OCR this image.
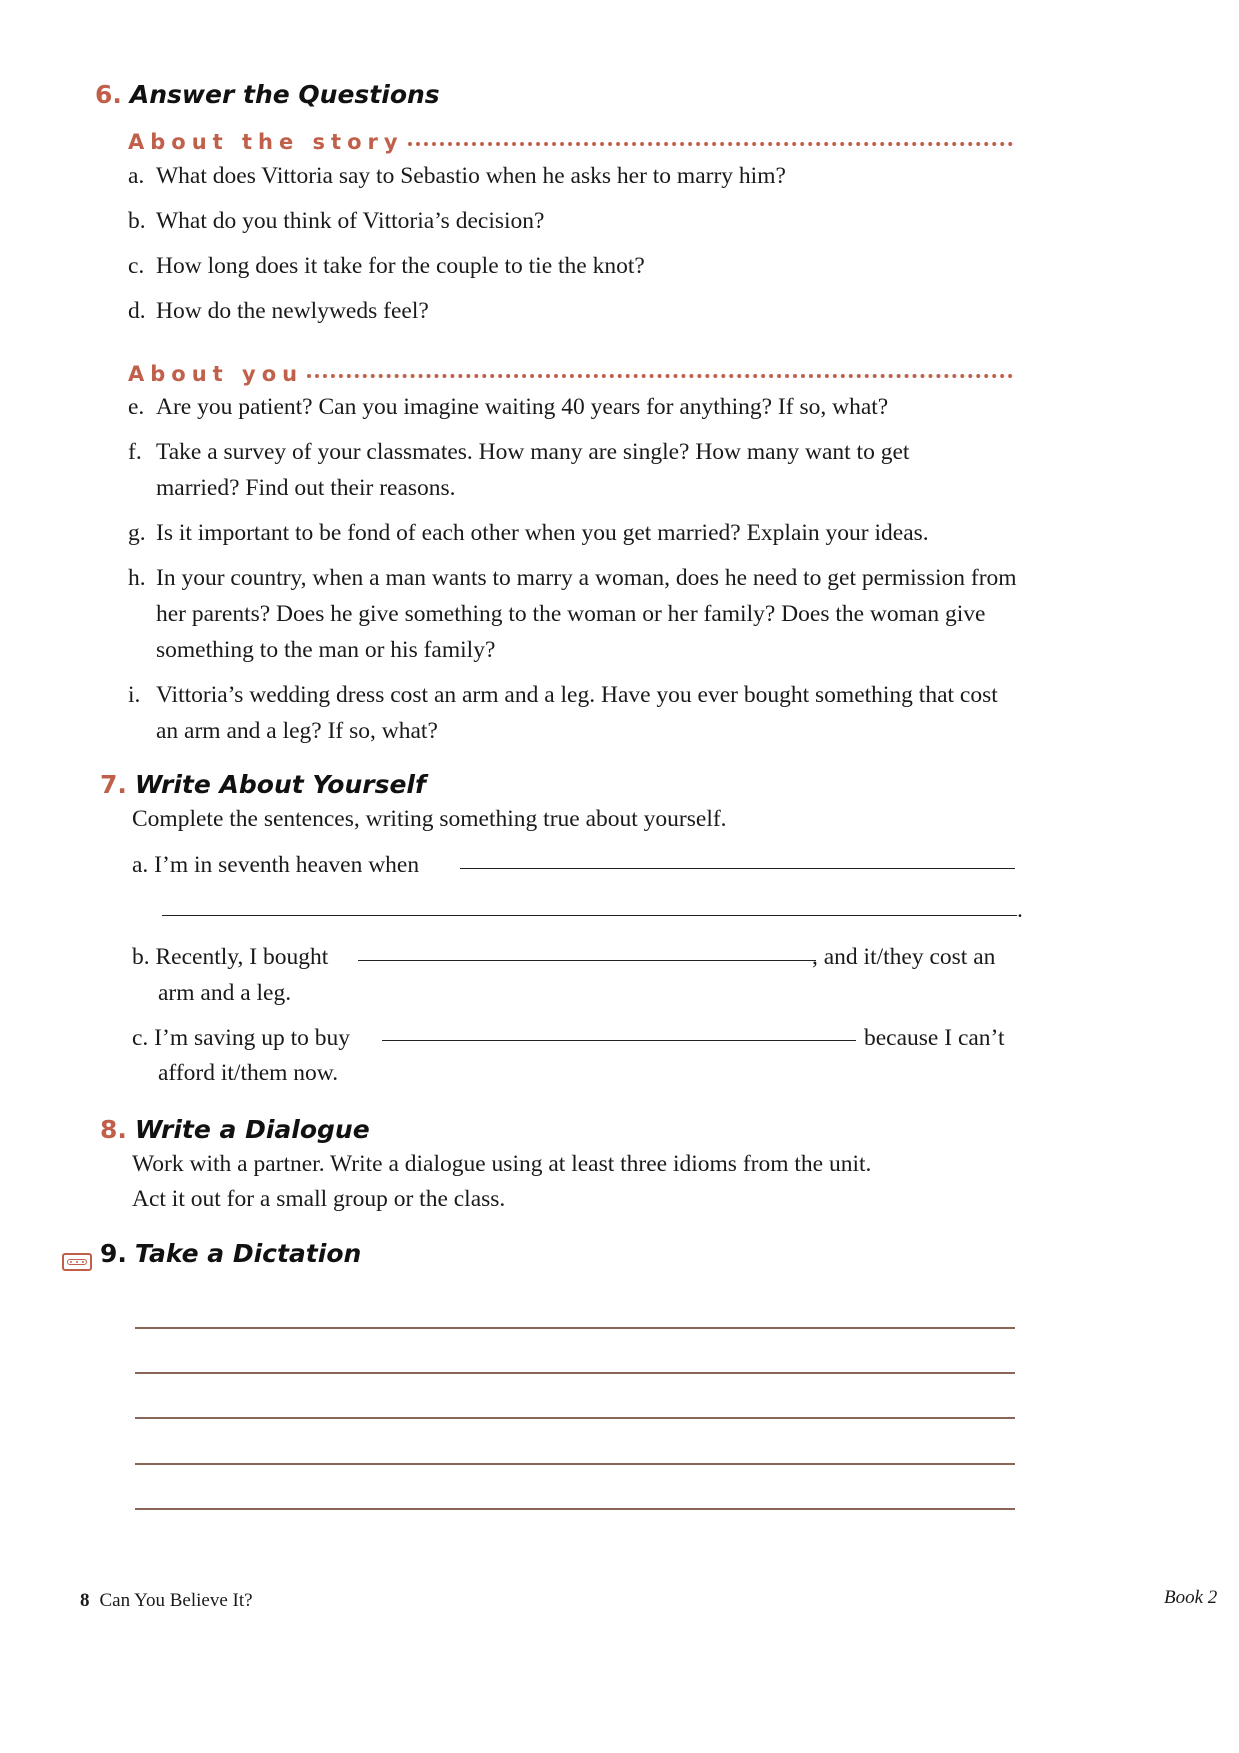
6. Answer the Questions
About the story
a. What does Vittoria say to Sebastio when he asks her to marry him?
b. What do you think of Vittoria’s decision?
c. How long does it take for the couple to tie the knot?
d. How do the newlyweds feel?
About you
e. Are you patient? Can you imagine waiting 40 years for anything? If so, what?
f. Take a survey of your classmates. How many are single? How many want to get married? Find out their reasons.
g. Is it important to be fond of each other when you get married? Explain your ideas.
h. In your country, when a man wants to marry a woman, does he need to get permission from her parents? Does he give something to the woman or her family? Does the woman give something to the man or his family?
i. Vittoria’s wedding dress cost an arm and a leg. Have you ever bought something that cost an arm and a leg? If so, what?
7. Write About Yourself
Complete the sentences, writing something true about yourself.
a. I’m in seventh heaven when
.
b. Recently, I bought	, and it/they cost an
arm and a leg.
c. I’m saving up to buy	because I can’t
afford it/them now.
8. Write a Dialogue
Work with a partner. Write a dialogue using at least three idioms from the unit.
Act it out for a small group or the class.
9. Take a Dictation
8 Can You Believe It?	Book 2
